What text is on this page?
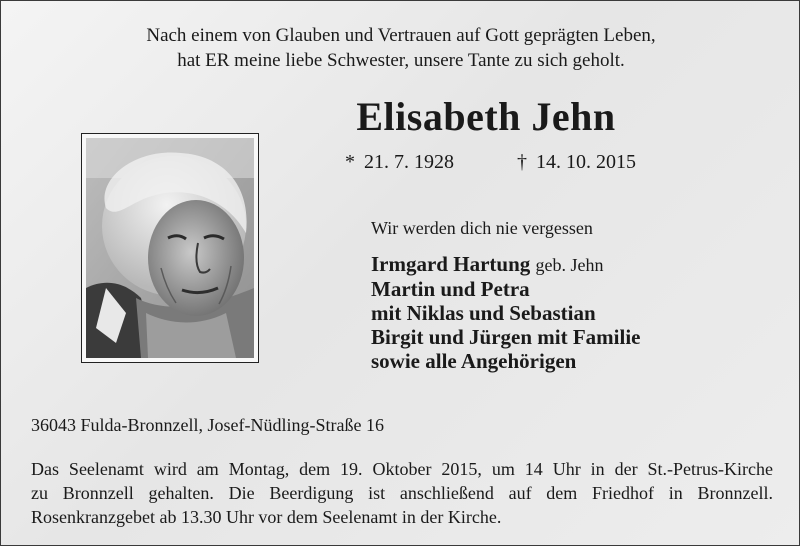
Nach einem von Glauben und Vertrauen auf Gott geprägten Leben,
hat ER meine liebe Schwester, unsere Tante zu sich geholt.

Elisabeth Jehn

* 21. 7. 1928	† 14. 10. 2015

Wir werden dich nie vergessen

Irmgard Hartung geb. Jehn
Martin und Petra
mit Niklas und Sebastian
Birgit und Jürgen mit Familie
sowie alle Angehörigen

36043 Fulda-Bronnzell, Josef-Nüdling-Straße 16

Das Seelenamt wird am Montag, dem 19. Oktober 2015, um 14 Uhr in der St.-Petrus-Kirche
zu Bronnzell gehalten. Die Beerdigung ist anschließend auf dem Friedhof in Bronnzell.
Rosenkranzgebet ab 13.30 Uhr vor dem Seelenamt in der Kirche.
